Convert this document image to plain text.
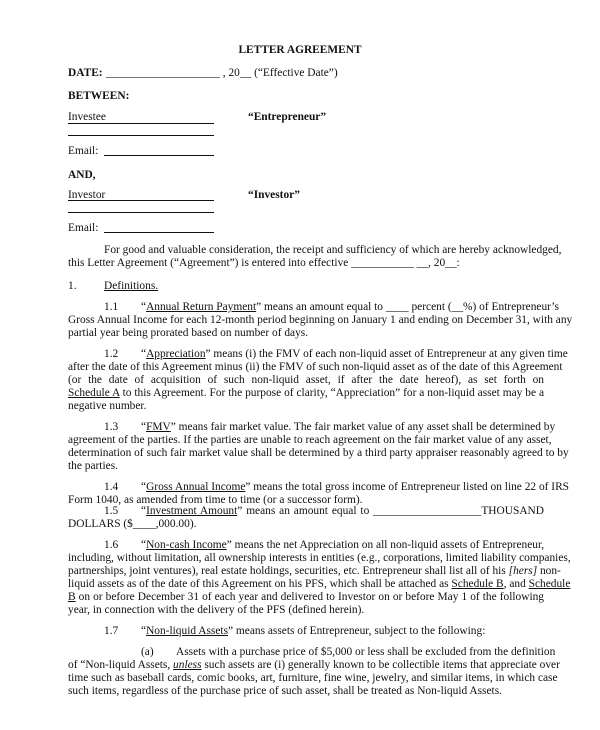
LETTER AGREEMENT
DATE: ____________________ , 20__ (“Effective Date”)
BETWEEN:
Investee	“Entrepreneur”
Email:
AND,
Investor	“Investor”
Email:
For good and valuable consideration, the receipt and sufficiency of which are hereby acknowledged,
this Letter Agreement (“Agreement”) is entered into effective ___________ __, 20__:
1. Definitions.
1.1 “Annual Return Payment” means an amount equal to ____ percent (__%) of Entrepreneur’s
Gross Annual Income for each 12-month period beginning on January 1 and ending on December 31, with any
partial year being prorated based on number of days.
1.2 “Appreciation” means (i) the FMV of each non-liquid asset of Entrepreneur at any given time
after the date of this Agreement minus (ii) the FMV of such non-liquid asset as of the date of this Agreement
(or the date of acquisition of such non-liquid asset, if after the date hereof), as set forth on
Schedule A to this Agreement. For the purpose of clarity, “Appreciation” for a non-liquid asset may be a
negative number.
1.3 “FMV” means fair market value. The fair market value of any asset shall be determined by
agreement of the parties. If the parties are unable to reach agreement on the fair market value of any asset,
determination of such fair market value shall be determined by a third party appraiser reasonably agreed to by
the parties.
1.4 “Gross Annual Income” means the total gross income of Entrepreneur listed on line 22 of IRS
Form 1040, as amended from time to time (or a successor form).
1.5 “Investment Amount” means an amount equal to ___________________THOUSAND
DOLLARS ($____,000.00).
1.6 “Non-cash Income” means the net Appreciation on all non-liquid assets of Entrepreneur,
including, without limitation, all ownership interests in entities (e.g., corporations, limited liability companies,
partnerships, joint ventures), real estate holdings, securities, etc. Entrepreneur shall list all of his [hers] non-
liquid assets as of the date of this Agreement on his PFS, which shall be attached as Schedule B, and Schedule
B on or before December 31 of each year and delivered to Investor on or before May 1 of the following
year, in connection with the delivery of the PFS (defined herein).
1.7 “Non-liquid Assets” means assets of Entrepreneur, subject to the following:
(a) Assets with a purchase price of $5,000 or less shall be excluded from the definition
of “Non-liquid Assets, unless such assets are (i) generally known to be collectible items that appreciate over
time such as baseball cards, comic books, art, furniture, fine wine, jewelry, and similar items, in which case
such items, regardless of the purchase price of such asset, shall be treated as Non-liquid Assets.
